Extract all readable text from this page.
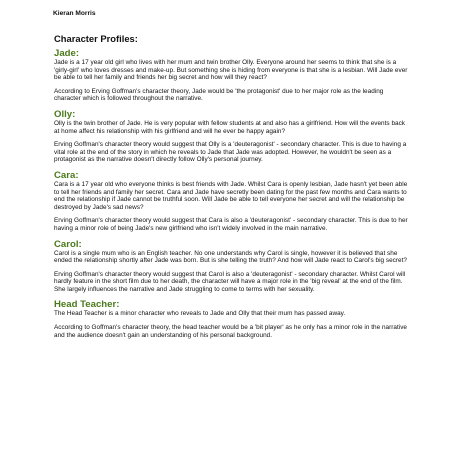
Kieran Morris
Character Profiles:
Jade:

Jade is a 17 year old girl who lives with her mum and twin brother Olly. Everyone around her seems to think that she is a 'girly-girl' who loves dresses and make-up. But something she is hiding from everyone is that she is a lesbian. Will Jade ever be able to tell her family and friends her big secret and how will they react?

According to Erving Goffman's character theory, Jade would be 'the protagonist' due to her major role as the leading character which is followed throughout the narrative.

Olly:

Olly is the twin brother of Jade. He is very popular with fellow students at and also has a girlfriend. How will the events back at home affect his relationship with his girlfriend and will he ever be happy again?

Erving Goffman's character theory would suggest that Olly is a 'deuteragonist' - secondary character. This is due to having a vital role at the end of the story in which he reveals to Jade that Jade was adopted. However, he wouldn't be seen as a protagonist as the narrative doesn't directly follow Olly's personal journey.

Cara:

Cara is a 17 year old who everyone thinks is best friends with Jade. Whilst Cara is openly lesbian, Jade hasn't yet been able to tell her friends and family her secret. Cara and Jade have secretly been dating for the past few months and Cara wants to end the relationship if Jade cannot be truthful soon. Will Jade be able to tell everyone her secret and will the relationship be destroyed by Jade's sad news?

Erving Goffman's character theory would suggest that Cara is also a 'deuteragonist' - secondary character. This is due to her having a minor role of being Jade's new girlfriend who isn't widely involved in the main narrative.

Carol:

Carol is a single mum who is an English teacher. No one understands why Carol is single, however it is believed that she ended the relationship shortly after Jade was born. But is she telling the truth? And how will Jade react to Carol's big secret?

Erving Goffman's character theory would suggest that Carol is also a 'deuteragonist' - secondary character. Whilst Carol will hardly feature in the short film due to her death, the character will have a major role in the 'big reveal' at the end of the film. She largely influences the narrative and Jade struggling to come to terms with her sexuality.

Head Teacher:

The Head Teacher is a minor character who reveals to Jade and Olly that their mum has passed away.

According to Goffman's character theory, the head teacher would be a 'bit player' as he only has a minor role in the narrative and the audience doesn't gain an understanding of his personal background.
